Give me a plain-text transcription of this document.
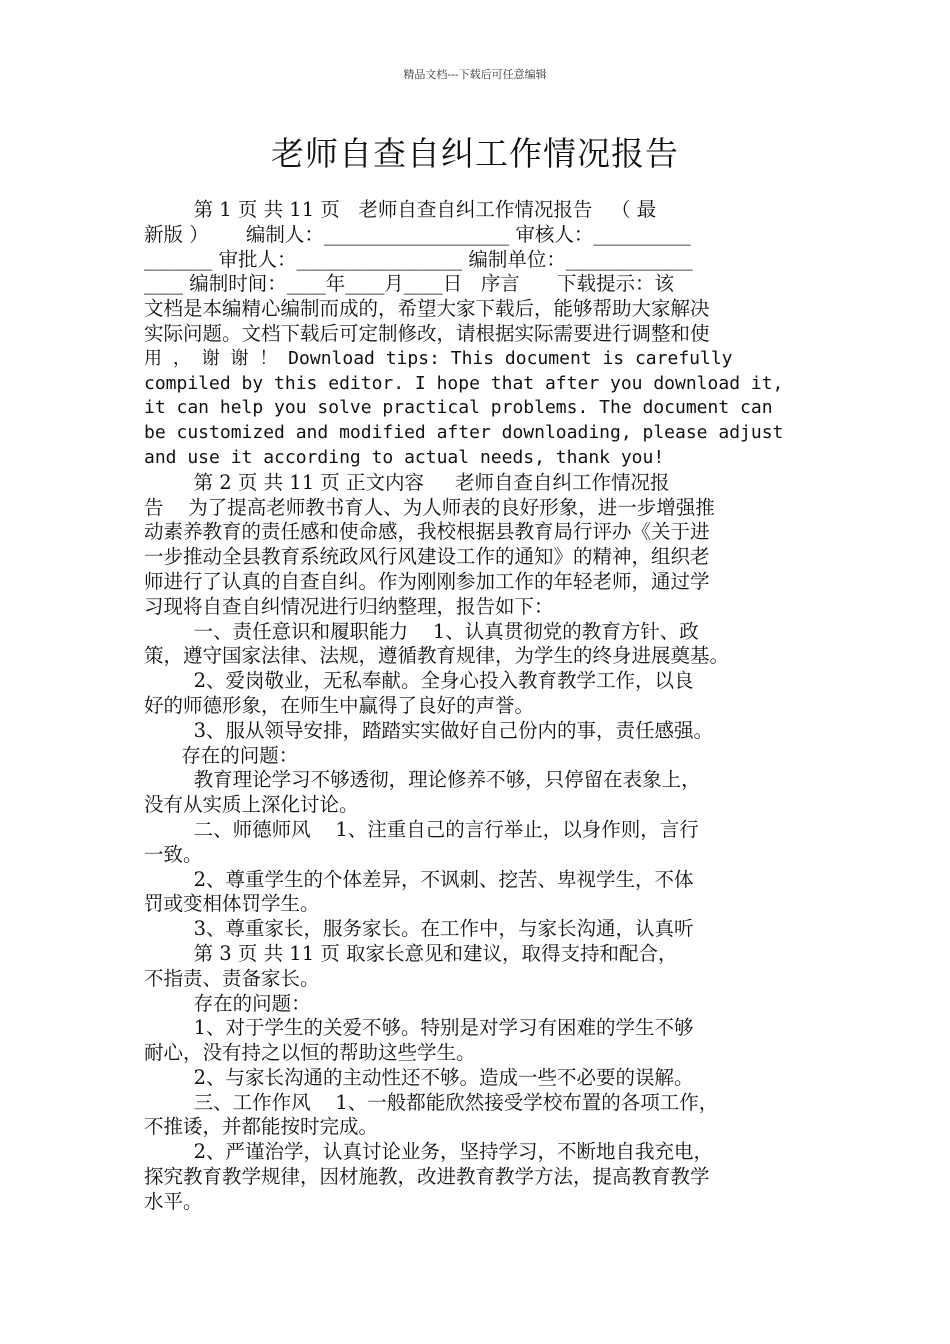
精品文档---下载后可任意编辑
老师自查自纠工作情况报告
第 1 页 共 11 页   老师自查自纠工作情况报告   （ 最
新版 ）      编制人：___________________ 审核人：__________
_______ 审批人：_________________ 编制单位：_____________
____ 编制时间：____年____月____日   序言      下载提示：该
文档是本编精心编制而成的，希望大家下载后，能够帮助大家解决
实际问题。文档下载后可定制修改，请根据实际需要进行调整和使
用 ， 谢 谢 ！ Download tips: This document is carefully
compiled by this editor. I hope that after you download it,
it can help you solve practical problems. The document can
be customized and modified after downloading, please adjust
and use it according to actual needs, thank you!
第 2 页 共 11 页 正文内容     老师自查自纠工作情况报
告    为了提高老师教书育人、为人师表的良好形象，进一步增强推
动素养教育的责任感和使命感，我校根据县教育局行评办《关于进
一步推动全县教育系统政风行风建设工作的通知》的精神，组织老
师进行了认真的自查自纠。作为刚刚参加工作的年轻老师，通过学
习现将自查自纠情况进行归纳整理，报告如下：
一、责任意识和履职能力    1、认真贯彻党的教育方针、政
策，遵守国家法律、法规，遵循教育规律，为学生的终身进展奠基。
2、爱岗敬业，无私奉献。全身心投入教育教学工作，以良
好的师德形象，在师生中赢得了良好的声誉。
3、服从领导安排，踏踏实实做好自己份内的事，责任感强。
存在的问题：
教育理论学习不够透彻，理论修养不够，只停留在表象上，
没有从实质上深化讨论。
二、师德师风    1、注重自己的言行举止，以身作则，言行
一致。
2、尊重学生的个体差异，不讽刺、挖苦、卑视学生，不体
罚或变相体罚学生。
3、尊重家长，服务家长。在工作中，与家长沟通，认真听
第 3 页 共 11 页 取家长意见和建议，取得支持和配合，
不指责、责备家长。
存在的问题：
1、对于学生的关爱不够。特别是对学习有困难的学生不够
耐心，没有持之以恒的帮助这些学生。
2、与家长沟通的主动性还不够。造成一些不必要的误解。
三、工作作风    1、一般都能欣然接受学校布置的各项工作，
不推诿，并都能按时完成。
2、严谨治学，认真讨论业务，坚持学习，不断地自我充电，
探究教育教学规律，因材施教，改进教育教学方法，提高教育教学
水平。
